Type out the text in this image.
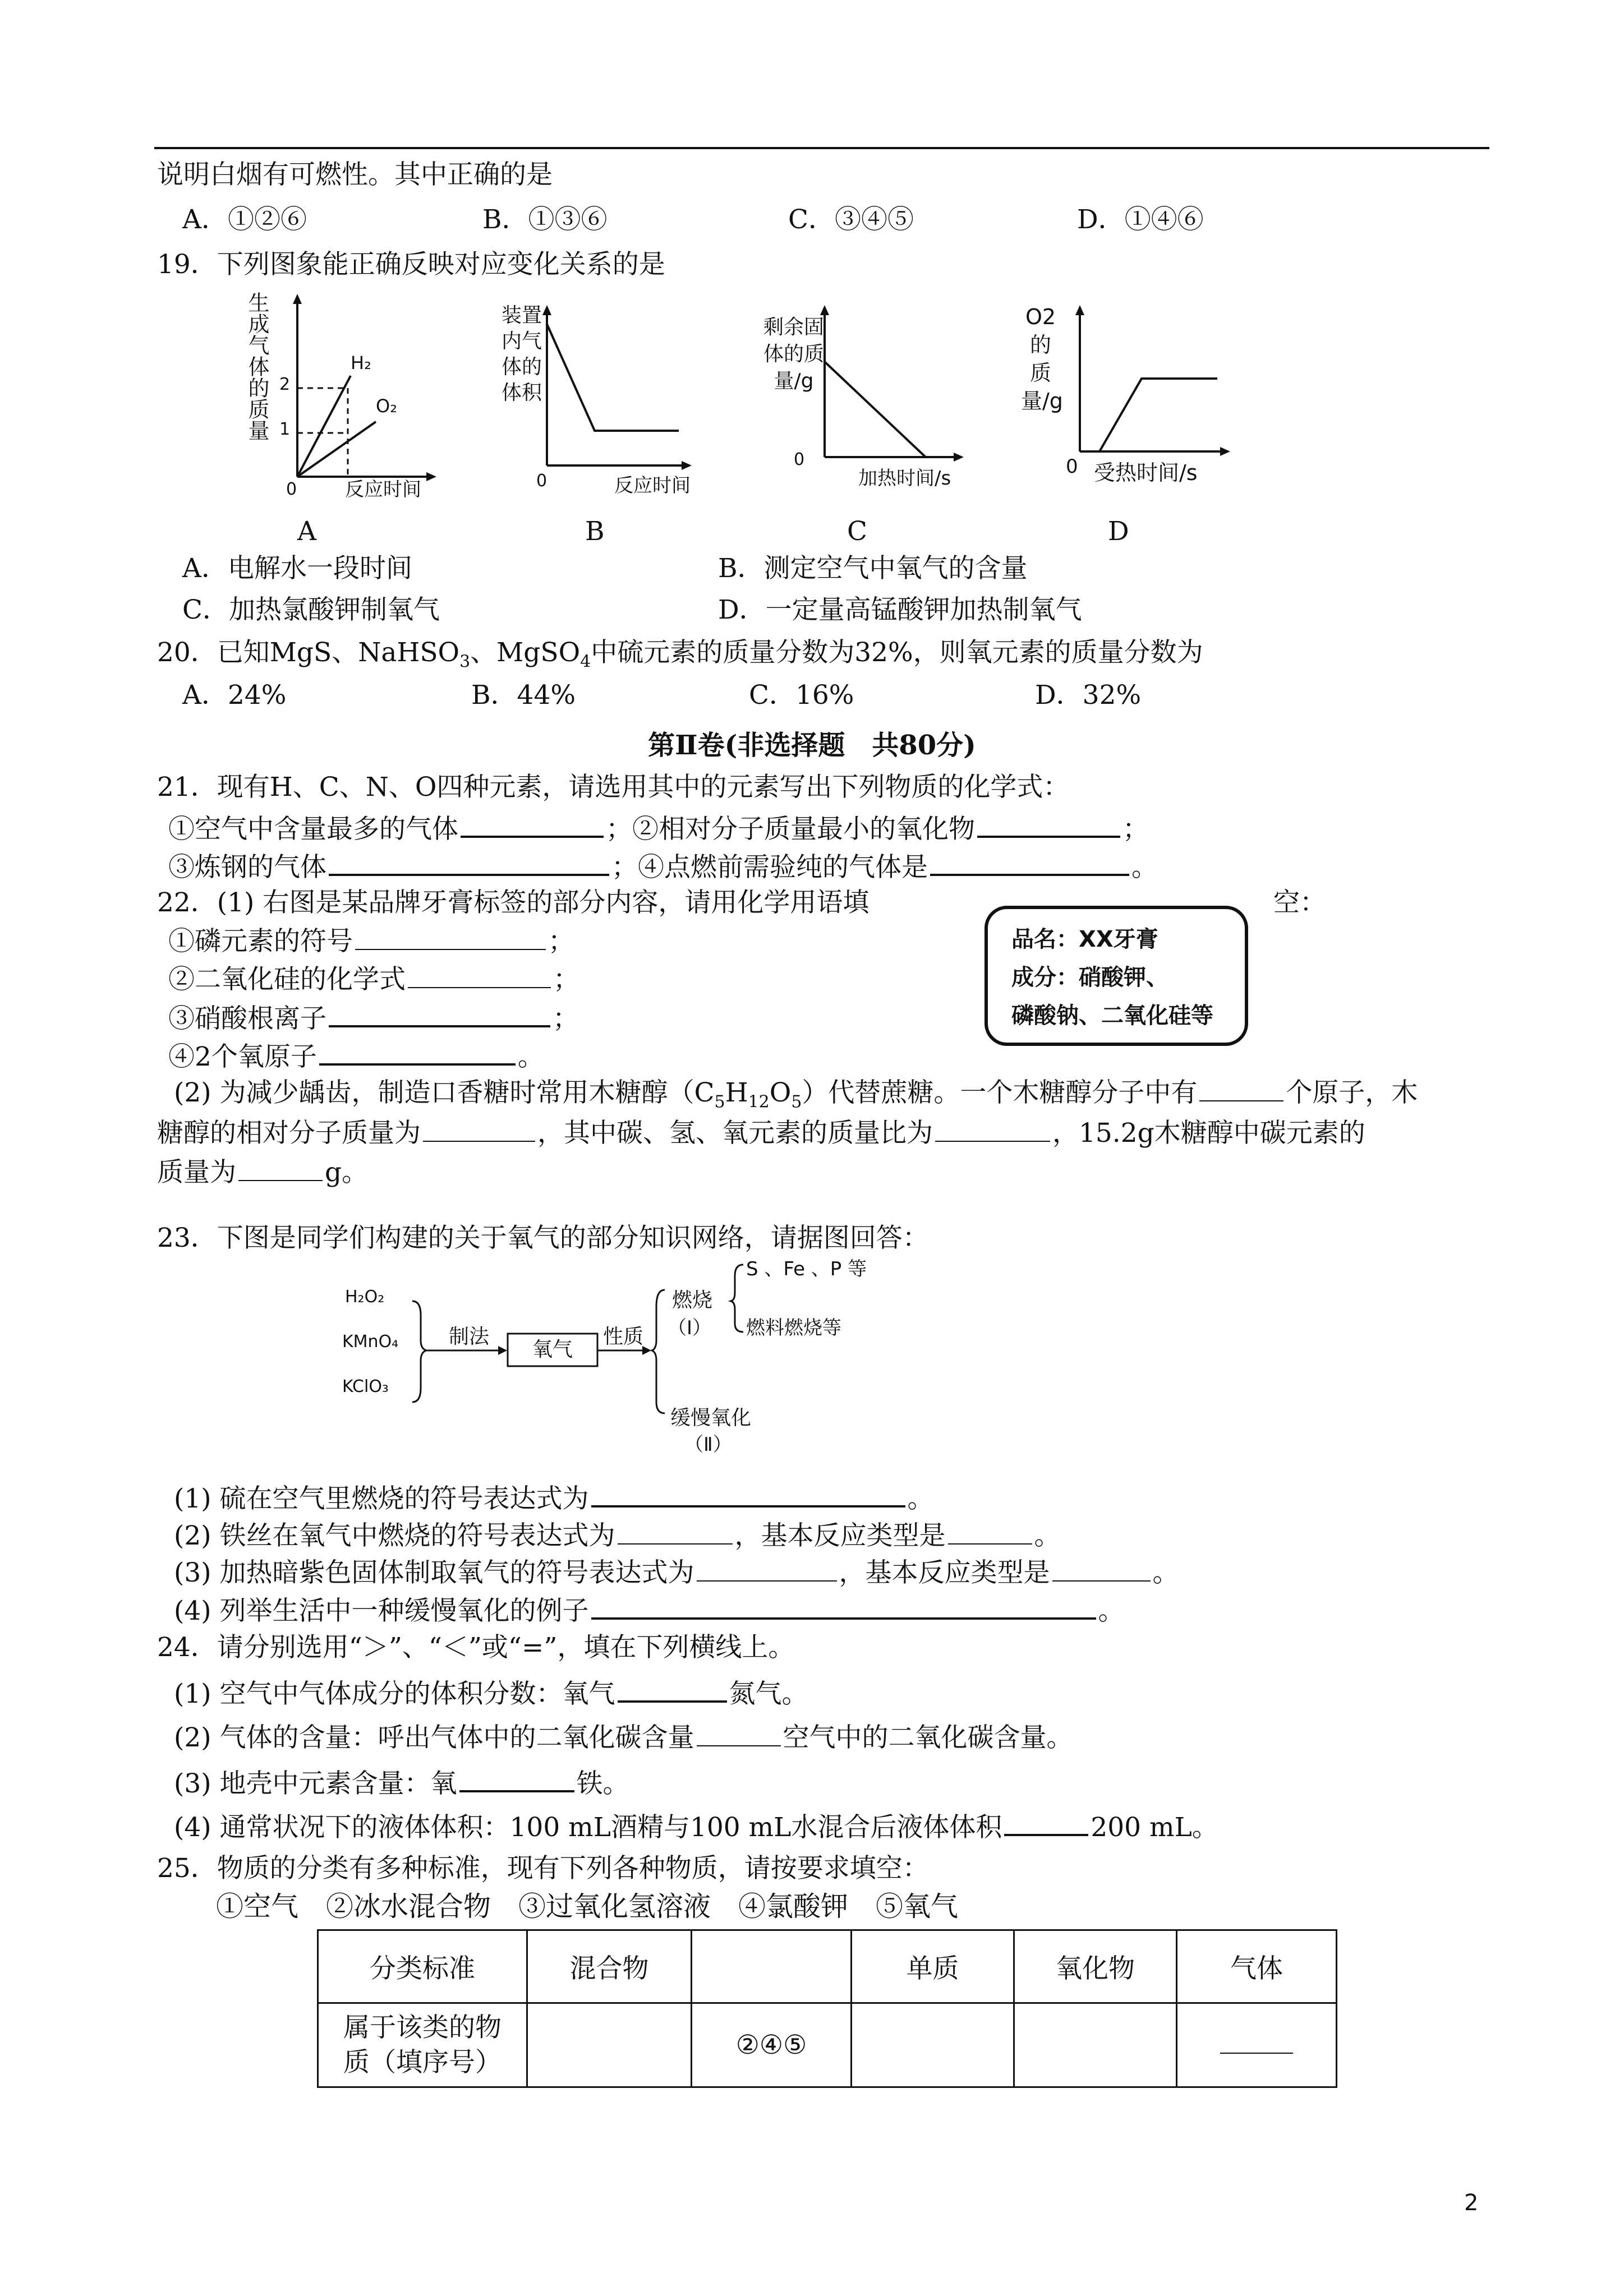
说明白烟有可燃性。其中正确的是
A．①②⑥	B．①③⑥	C．③④⑤	D．①④⑥
19．下列图象能正确反映对应变化关系的是
生成气体的质量 2
1
0
H₂
O₂
反应时间
A
装置内气体的体积
0	反应时间
B
剩余固体的质量/g
0
加热时间/s
C
O2的质量/g
0 受热时间/s
D
A．电解水一段时间	B．测定空气中氧气的含量
C．加热氯酸钾制氧气	D．一定量高锰酸钾加热制氧气
20．已知MgS、NaHSO$_3$、MgSO$_4$中硫元素的质量分数为32%，则氧元素的质量分数为
A．24%	B．44%	C．16%	D．32%
第Ⅱ卷(非选择题　共80分)
21．现有H、C、N、O四种元素，请选用其中的元素写出下列物质的化学式：
①空气中含量最多的气体	；②相对分子质量最小的氧化物	；
③炼钢的气体	；④点燃前需验纯的气体是	。
22．(1) 右图是某品牌牙膏标签的部分内容，请用化学用语填	空：
①磷元素的符号	；
②二氧化硅的化学式	；
③硝酸根离子	；
④2个氧原子	。
品名：XX牙膏
成分：硝酸钾、
磷酸钠、二氧化硅等
(2) 为减少龋齿，制造口香糖时常用木糖醇$(C_5H_{12}O_5)$代替蔗糖。一个木糖醇分子中有	个原子，木
糖醇的相对分子质量为	，其中碳、氢、氧元素的质量比为	，15.2g木糖醇中碳元素的
质量为	g。
23．下图是同学们构建的关于氧气的部分知识网络，请据图回答：
H₂O₂
KMnO₄
KClO₃
制法
氧气
性质
燃烧
（Ⅰ）
S 、Fe 、P 等
燃料燃烧等
缓慢氧化
（Ⅱ）
(1) 硫在空气里燃烧的符号表达式为	。
(2) 铁丝在氧气中燃烧的符号表达式为	，基本反应类型是	。
(3) 加热暗紫色固体制取氧气的符号表达式为	，基本反应类型是	。
(4) 列举生活中一种缓慢氧化的例子	。
24．请分别选用“＞”、“＜”或“=”，填在下列横线上。
(1) 空气中气体成分的体积分数：氧气	氮气。
(2) 气体的含量：呼出气体中的二氧化碳含量	空气中的二氧化碳含量。
(3) 地壳中元素含量：氧	铁。
(4) 通常状况下的液体体积：100 mL酒精与100 mL水混合后液体体积	200 mL。
25．物质的分类有多种标准，现有下列各种物质，请按要求填空：
①空气　②冰水混合物　③过氧化氢溶液　④氯酸钾　⑤氧气
分类标准	混合物		单质	氧化物	气体

属于该类的物
质（填序号）		②④⑤			
2
